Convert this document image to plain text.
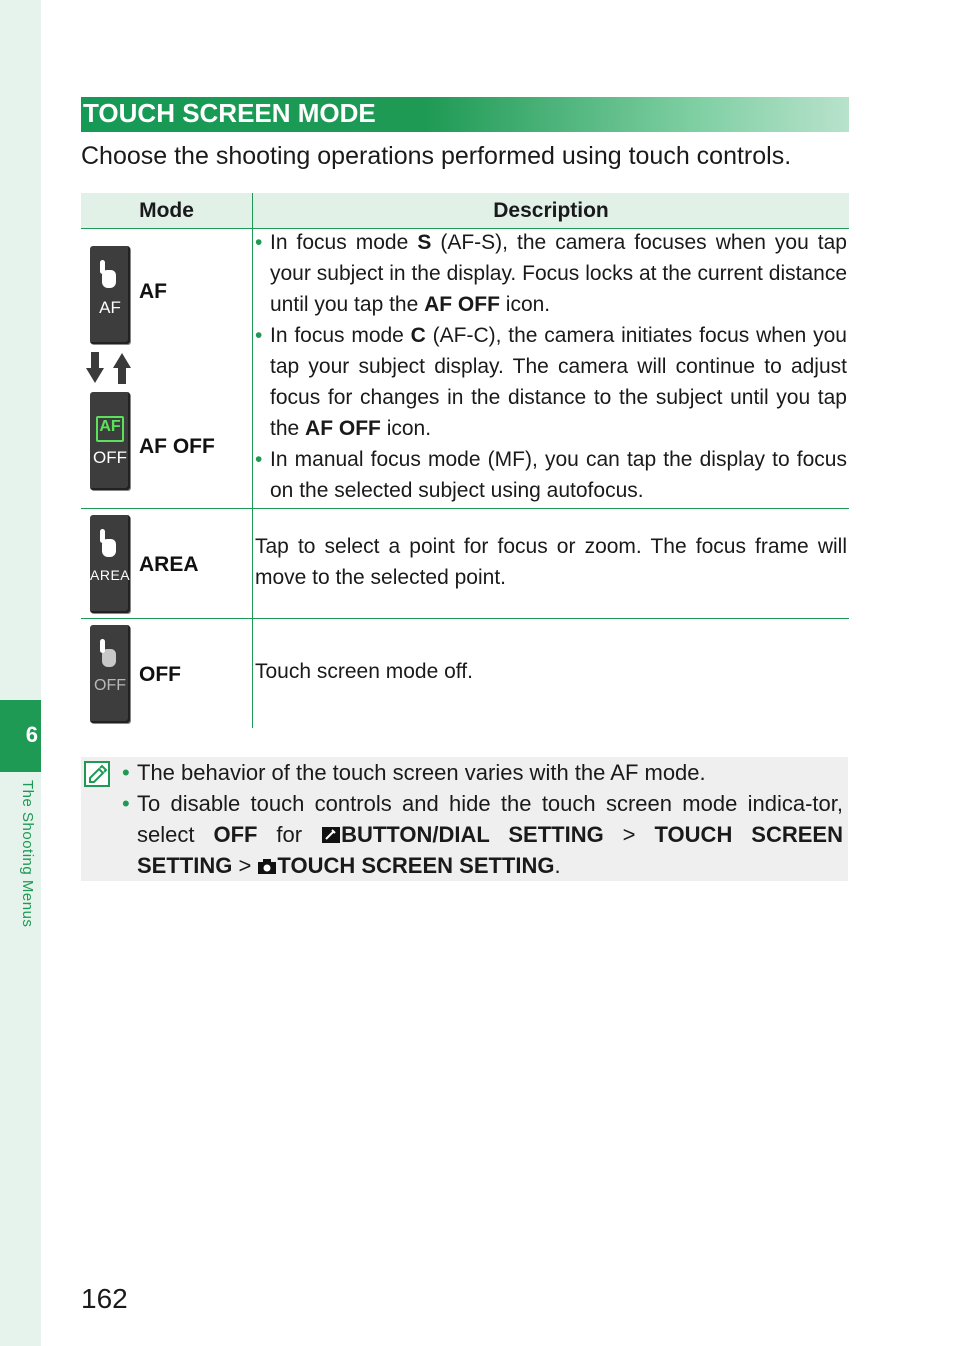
6
The Shooting Menus
TOUCH SCREEN MODE
Choose the shooting operations performed using touch controls.
Mode	Description
AF
AF
AF
OFF AF OFF
• In focus mode S (AF-S), the camera focuses when you tap your subject in the display. Focus locks at the current distance until you tap the AF OFF icon.
• In focus mode C (AF-C), the camera initiates focus when you tap your subject display. The camera will continue to adjust focus for changes in the distance to the subject until you tap the AF OFF icon.
• In manual focus mode (MF), you can tap the display to focus on the selected subject using autofocus.
AREA AREA
Tap to select a point for focus or zoom. The focus frame will move to the selected point.
OFF OFF	Touch screen mode off.
• The behavior of the touch screen varies with the AF mode.
• To disable touch controls and hide the touch screen mode indica-tor, select OFF for BUTTON/DIAL SETTING > TOUCH SCREEN SETTING > TOUCH SCREEN SETTING.
162
